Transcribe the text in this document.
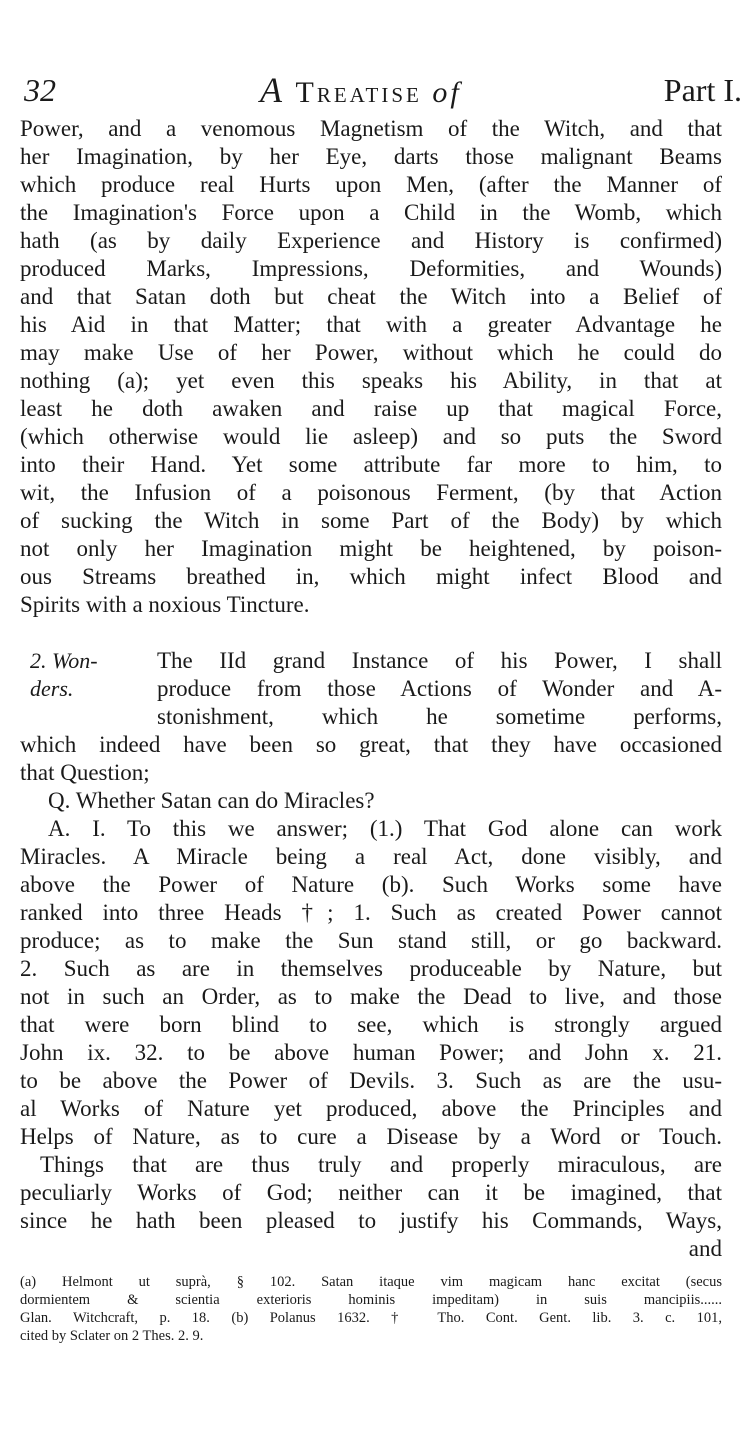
32	A Treatise of	Part I.
Power, and a venomous Magnetism of the Witch, and that
her Imagination, by her Eye, darts those malignant Beams
which produce real Hurts upon Men, (after the Manner of
the Imagination's Force upon a Child in the Womb, which
hath (as by daily Experience and History is confirmed)
produced Marks, Impressions, Deformities, and Wounds)
and that Satan doth but cheat the Witch into a Belief of
his Aid in that Matter; that with a greater Advantage he
may make Use of her Power, without which he could do
nothing (a); yet even this speaks his Ability, in that at
least he doth awaken and raise up that magical Force,
(which otherwise would lie asleep) and so puts the Sword
into their Hand. Yet some attribute far more to him, to
wit, the Infusion of a poisonous Ferment, (by that Action
of sucking the Witch in some Part of the Body) by which
not only her Imagination might be heightened, by poison-
ous Streams breathed in, which might infect Blood and
Spirits with a noxious Tincture.
2. Won-
ders.
The IId grand Instance of his Power, I shall
produce from those Actions of Wonder and A-
stonishment, which he sometime performs,
which indeed have been so great, that they have occasioned
that Question;
Q. Whether Satan can do Miracles?
A. I. To this we answer; (1.) That God alone can work
Miracles. A Miracle being a real Act, done visibly, and
above the Power of Nature (b). Such Works some have
ranked into three Heads †; 1. Such as created Power cannot
produce; as to make the Sun stand still, or go backward.
2. Such as are in themselves produceable by Nature, but
not in such an Order, as to make the Dead to live, and those
that were born blind to see, which is strongly argued
John ix. 32. to be above human Power; and John x. 21.
to be above the Power of Devils. 3. Such as are the usu-
al Works of Nature yet produced, above the Principles and
Helps of Nature, as to cure a Disease by a Word or Touch.
Things that are thus truly and properly miraculous, are
peculiarly Works of God; neither can it be imagined, that
since he hath been pleased to justify his Commands, Ways,
and
(a) Helmont ut suprà, § 102. Satan itaque vim magicam hanc excitat (secus
dormientem & scientia exterioris hominis impeditam) in suis mancipiis......
Glan. Witchcraft, p. 18. (b) Polanus 1632. † Tho. Cont. Gent. lib. 3. c. 101,
cited by Sclater on 2 Thes. 2. 9.
